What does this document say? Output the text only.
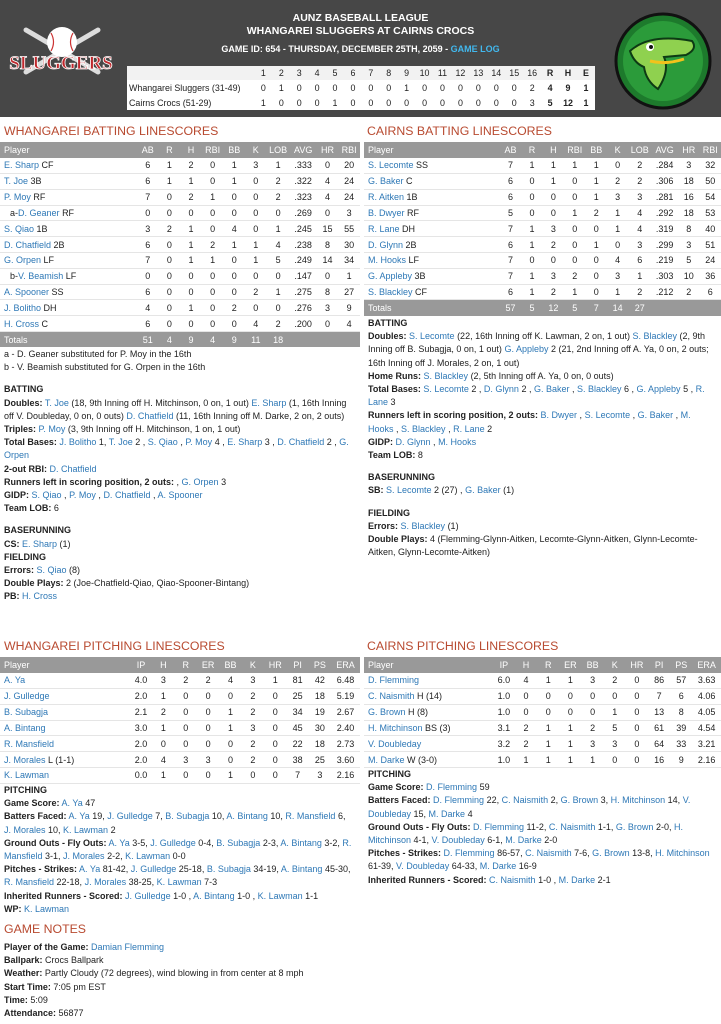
SLUGGERS
AUNZ BASEBALL LEAGUE
WHANGAREI SLUGGERS AT CAIRNS CROCS
GAME ID: 654 - THURSDAY, DECEMBER 25TH, 2059 - GAME LOG
	1	2	3	4	5	6	7	8	9	10	11	12	13	14	15	16	R	H	E
Whangarei Sluggers (31-49)	0	1	0	0	0	0	0	0	1	0	0	0	0	0	0	2	4	9	1
Cairns Crocs (51-29)	1	0	0	0	1	0	0	0	0	0	0	0	0	0	0	3	5	12	1
WHANGAREI BATTING LINESCORES	CAIRNS BATTING LINESCORES
Player	AB	R	H	RBI	BB	K	LOB	AVG	HR	RBI
E. Sharp CF	6	1	2	0	1	3	1	.333	0	20
T. Joe 3B	6	1	1	0	1	0	2	.322	4	24
P. Moy RF	7	0	2	1	0	0	2	.323	4	24
a-D. Geaner RF	0	0	0	0	0	0	0	.269	0	3
S. Qiao 1B	3	2	1	0	4	0	1	.245	15	55
D. Chatfield 2B	6	0	1	2	1	1	4	.238	8	30
G. Orpen LF	7	0	1	1	0	1	5	.249	14	34
b-V. Beamish LF	0	0	0	0	0	0	0	.147	0	1
A. Spooner SS	6	0	0	0	0	2	1	.275	8	27
J. Bolitho DH	4	0	1	0	2	0	0	.276	3	9
H. Cross C	6	0	0	0	0	4	2	.200	0	4
Totals	51	4	9	4	9	11	18			
Player	AB	R	H	RBI	BB	K	LOB	AVG	HR	RBI
S. Lecomte SS	7	1	1	1	1	0	2	.284	3	32
G. Baker C	6	0	1	0	1	2	2	.306	18	50
R. Aitken 1B	6	0	0	0	1	3	3	.281	16	54
B. Dwyer RF	5	0	0	1	2	1	4	.292	18	53
R. Lane DH	7	1	3	0	0	1	4	.319	8	40
D. Glynn 2B	6	1	2	0	1	0	3	.299	3	51
M. Hooks LF	7	0	0	0	0	4	6	.219	5	24
G. Appleby 3B	7	1	3	2	0	3	1	.303	10	36
S. Blackley CF	6	1	2	1	0	1	2	.212	2	6
Totals	57	5	12	5	7	14	27			
a - D. Geaner substituted for P. Moy in the 16th
b - V. Beamish substituted for G. Orpen in the 16th
BATTING
Doubles: T. Joe (18, 9th Inning off H. Mitchinson, 0 on, 1 out) E. Sharp (1, 16th Inning off V. Doubleday, 0 on, 0 outs) D. Chatfield (11, 16th Inning off M. Darke, 2 on, 2 outs)
Triples: P. Moy (3, 9th Inning off H. Mitchinson, 1 on, 1 out)
Total Bases: J. Bolitho 1, T. Joe 2 , S. Qiao , P. Moy 4 , E. Sharp 3 , D. Chatfield 2 , G. Orpen
2-out RBI: D. Chatfield
Runners left in scoring position, 2 outs: , G. Orpen 3
GIDP: S. Qiao , P. Moy , D. Chatfield , A. Spooner
Team LOB: 6
BASERUNNING
CS: E. Sharp (1)
FIELDING
Errors: S. Qiao (8)
Double Plays: 2 (Joe-Chatfield-Qiao, Qiao-Spooner-Bintang)
PB: H. Cross
BATTING
Doubles: S. Lecomte (22, 16th Inning off K. Lawman, 2 on, 1 out) S. Blackley (2, 9th Inning off B. Subagja, 0 on, 1 out) G. Appleby 2 (21, 2nd Inning off A. Ya, 0 on, 2 outs; 16th Inning off J. Morales, 2 on, 1 out)
Home Runs: S. Blackley (2, 5th Inning off A. Ya, 0 on, 0 outs)
Total Bases: S. Lecomte 2 , D. Glynn 2 , G. Baker , S. Blackley 6 , G. Appleby 5 , R. Lane 3
Runners left in scoring position, 2 outs: B. Dwyer , S. Lecomte , G. Baker , M. Hooks , S. Blackley , R. Lane 2
GIDP: D. Glynn , M. Hooks
Team LOB: 8
BASERUNNING
SB: S. Lecomte 2 (27) , G. Baker (1)
FIELDING
Errors: S. Blackley (1)
Double Plays: 4 (Flemming-Glynn-Aitken, Lecomte-Glynn-Aitken, Glynn-Lecomte-Aitken, Glynn-Lecomte-Aitken)
WHANGAREI PITCHING LINESCORES	CAIRNS PITCHING LINESCORES
Player	IP	H	R	ER	BB	K	HR	PI	PS	ERA
A. Ya	4.0	3	2	2	4	3	1	81	42	6.48
J. Gulledge	2.0	1	0	0	0	2	0	25	18	5.19
B. Subagja	2.1	2	0	0	1	2	0	34	19	2.67
A. Bintang	3.0	1	0	0	1	3	0	45	30	2.40
R. Mansfield	2.0	0	0	0	0	2	0	22	18	2.73
J. Morales L (1-1)	2.0	4	3	3	0	2	0	38	25	3.60
K. Lawman	0.0	1	0	0	1	0	0	7	3	2.16
Player	IP	H	R	ER	BB	K	HR	PI	PS	ERA
D. Flemming	6.0	4	1	1	3	2	0	86	57	3.63
C. Naismith H (14)	1.0	0	0	0	0	0	0	7	6	4.06
G. Brown H (8)	1.0	0	0	0	0	1	0	13	8	4.05
H. Mitchinson BS (3)	3.1	2	1	1	2	5	0	61	39	4.54
V. Doubleday	3.2	2	1	1	3	3	0	64	33	3.21
M. Darke W (3-0)	1.0	1	1	1	1	0	0	16	9	2.16
PITCHING
Game Score: A. Ya 47
Batters Faced: A. Ya 19, J. Gulledge 7, B. Subagja 10, A. Bintang 10, R. Mansfield 6, J. Morales 10, K. Lawman 2
Ground Outs - Fly Outs: A. Ya 3-5, J. Gulledge 0-4, B. Subagja 2-3, A. Bintang 3-2, R. Mansfield 3-1, J. Morales 2-2, K. Lawman 0-0
Pitches - Strikes: A. Ya 81-42, J. Gulledge 25-18, B. Subagja 34-19, A. Bintang 45-30, R. Mansfield 22-18, J. Morales 38-25, K. Lawman 7-3
Inherited Runners - Scored: J. Gulledge 1-0 , A. Bintang 1-0 , K. Lawman 1-1
WP: K. Lawman
PITCHING
Game Score: D. Flemming 59
Batters Faced: D. Flemming 22, C. Naismith 2, G. Brown 3, H. Mitchinson 14, V. Doubleday 15, M. Darke 4
Ground Outs - Fly Outs: D. Flemming 11-2, C. Naismith 1-1, G. Brown 2-0, H. Mitchinson 4-1, V. Doubleday 6-1, M. Darke 2-0
Pitches - Strikes: D. Flemming 86-57, C. Naismith 7-6, G. Brown 13-8, H. Mitchinson 61-39, V. Doubleday 64-33, M. Darke 16-9
Inherited Runners - Scored: C. Naismith 1-0 , M. Darke 2-1
GAME NOTES
Player of the Game: Damian Flemming
Ballpark: Crocs Ballpark
Weather: Partly Cloudy (72 degrees), wind blowing in from center at 8 mph
Start Time: 7:05 pm EST
Time: 5:09
Attendance: 56877
